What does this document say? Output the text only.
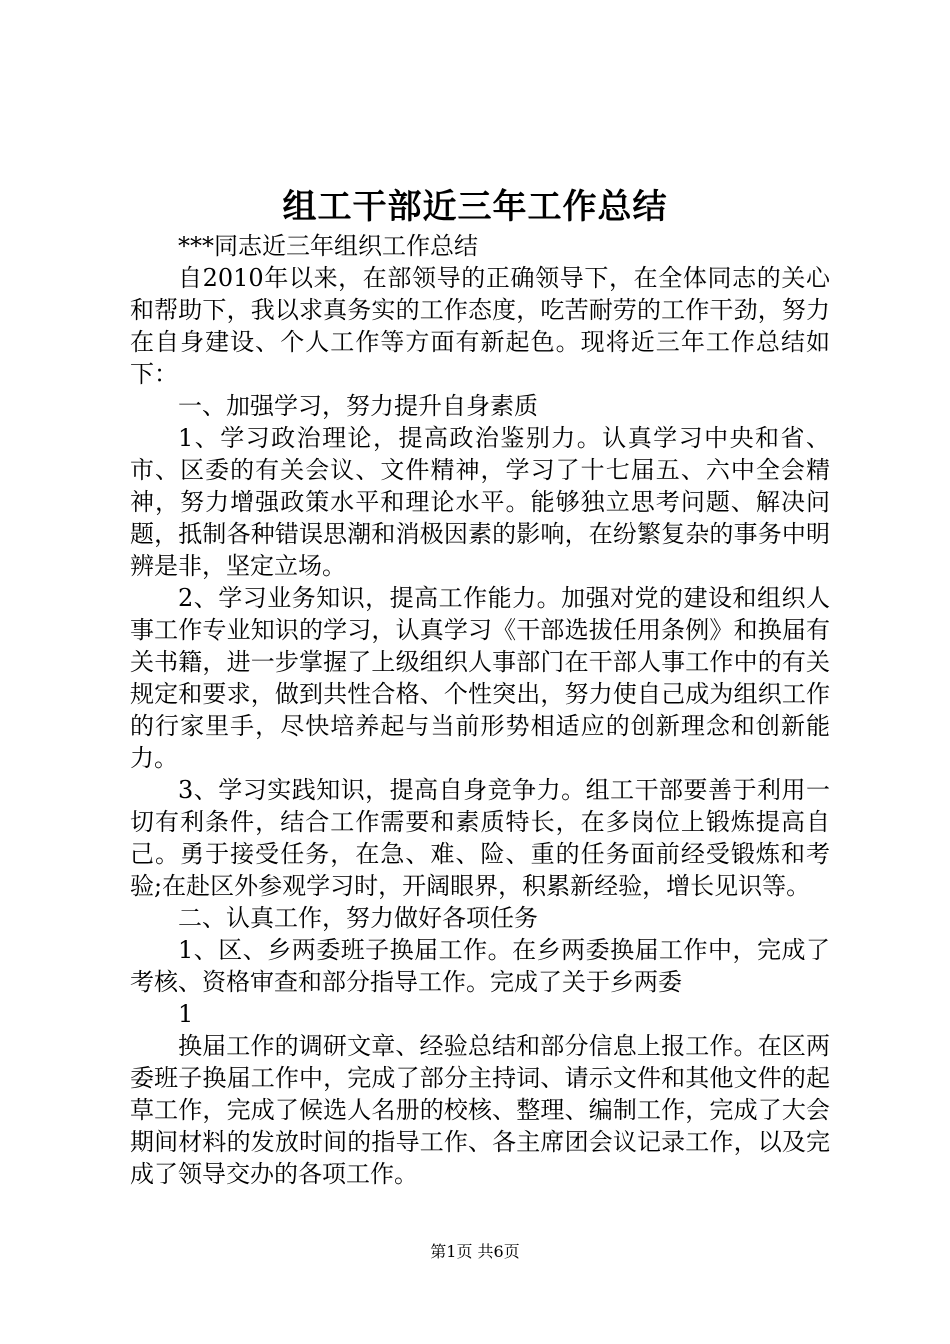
组工干部近三年工作总结

***同志近三年组织工作总结

自2010年以来，在部领导的正确领导下，在全体同志的关心和帮助下，我以求真务实的工作态度，吃苦耐劳的工作干劲，努力在自身建设、个人工作等方面有新起色。现将近三年工作总结如下：

一、加强学习，努力提升自身素质

1、学习政治理论，提高政治鉴别力。认真学习中央和省、市、区委的有关会议、文件精神，学习了十七届五、六中全会精神，努力增强政策水平和理论水平。能够独立思考问题、解决问题，抵制各种错误思潮和消极因素的影响，在纷繁复杂的事务中明辨是非，坚定立场。

2、学习业务知识，提高工作能力。加强对党的建设和组织人事工作专业知识的学习，认真学习《干部选拔任用条例》和换届有关书籍，进一步掌握了上级组织人事部门在干部人事工作中的有关规定和要求，做到共性合格、个性突出，努力使自己成为组织工作的行家里手，尽快培养起与当前形势相适应的创新理念和创新能力。

3、学习实践知识，提高自身竞争力。组工干部要善于利用一切有利条件，结合工作需要和素质特长，在多岗位上锻炼提高自己。勇于接受任务，在急、难、险、重的任务面前经受锻炼和考验;在赴区外参观学习时，开阔眼界，积累新经验，增长见识等。

二、认真工作，努力做好各项任务

1、区、乡两委班子换届工作。在乡两委换届工作中，完成了考核、资格审查和部分指导工作。完成了关于乡两委

1

换届工作的调研文章、经验总结和部分信息上报工作。在区两委班子换届工作中，完成了部分主持词、请示文件和其他文件的起草工作，完成了候选人名册的校核、整理、编制工作，完成了大会期间材料的发放时间的指导工作、各主席团会议记录工作，以及完成了领导交办的各项工作。

第1页 共6页
